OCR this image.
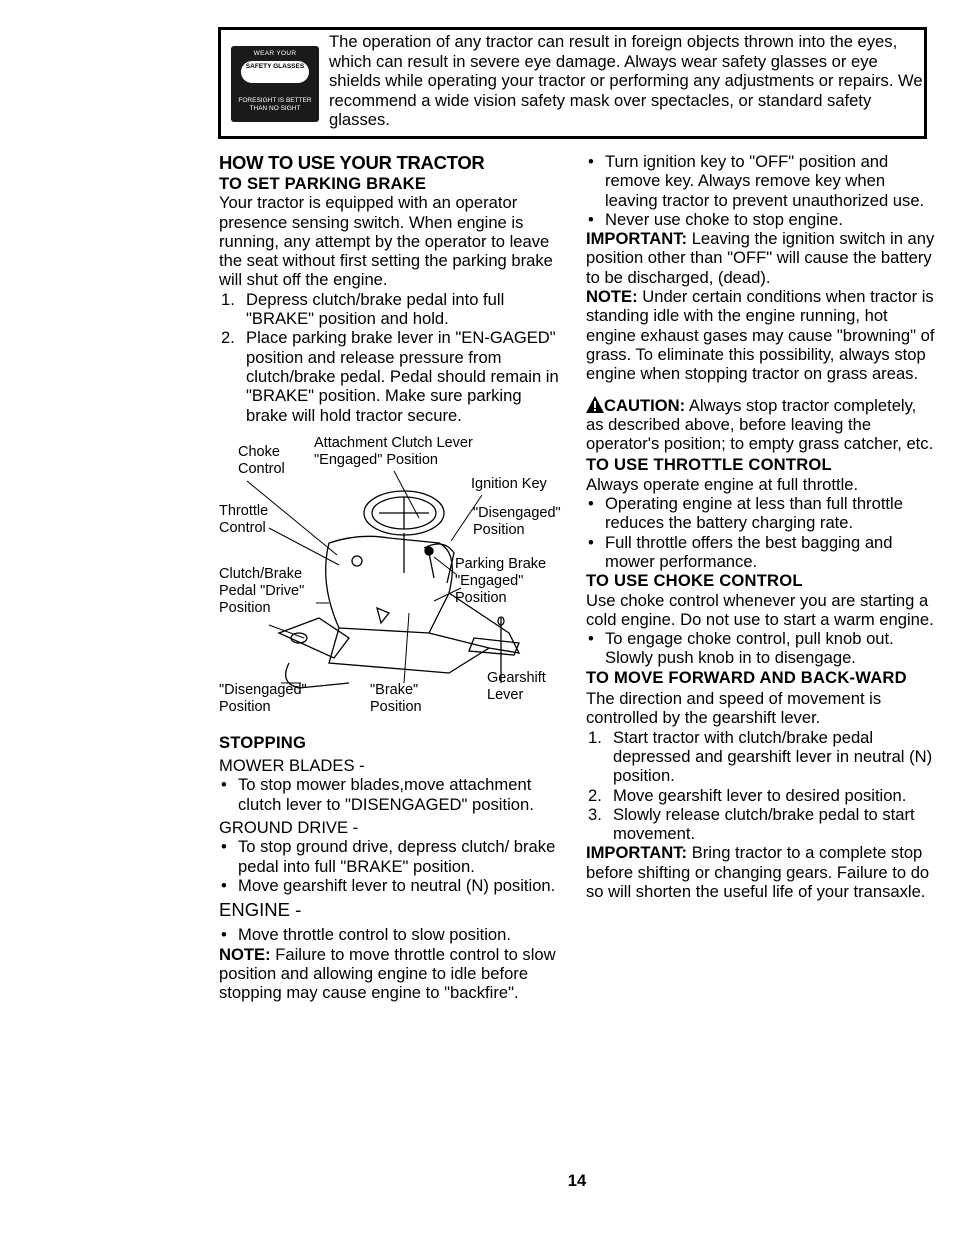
WEAR YOUR
SAFETY GLASSES
FORESIGHT IS BETTER THAN NO SIGHT
The operation of any tractor can result in foreign objects thrown into the eyes, which can result in severe eye damage. Always wear safety glasses or eye shields while operating your tractor or performing any adjustments or repairs. We recommend a wide vision safety mask over spectacles, or standard safety glasses.
HOW TO USE YOUR TRACTOR
TO SET PARKING BRAKE

Your tractor is equipped with an operator presence sensing switch. When engine is running, any attempt by the operator to leave the seat without first setting the parking brake will shut off the engine.

1. Depress clutch/brake pedal into full "BRAKE" position and hold.
2. Place parking brake lever in "EN-GAGED" position and release pressure from clutch/brake pedal. Pedal should remain in "BRAKE" position. Make sure parking brake will hold tractor secure.
Choke Control
Attachment Clutch Lever "Engaged" Position
Ignition Key
"Disengaged" Position
Throttle Control
Parking Brake "Engaged" Position
Clutch/Brake Pedal "Drive" Position
Gearshift Lever
"Disengaged" Position
"Brake" Position
STOPPING

MOWER BLADES -

• To stop mower blades,move attachment clutch lever to "DISENGAGED" position.

GROUND DRIVE -

• To stop ground drive, depress clutch/ brake pedal into full "BRAKE" position.
• Move gearshift lever to neutral (N) position.

ENGINE -

• Move throttle control to slow position.

NOTE: Failure to move throttle control to slow position and allowing engine to idle before stopping may cause engine to "backfire".

• Turn ignition key to "OFF" position and remove key. Always remove key when leaving tractor to prevent unauthorized use.
• Never use choke to stop engine.

IMPORTANT: Leaving the ignition switch in any position other than "OFF" will cause the battery to be discharged, (dead).

NOTE: Under certain conditions when tractor is standing idle with the engine running, hot engine exhaust gases may cause "browning" of grass. To eliminate this possibility, always stop engine when stopping tractor on grass areas.

CAUTION: Always stop tractor completely, as described above, before leaving the operator's position; to empty grass catcher, etc.

TO USE THROTTLE CONTROL

Always operate engine at full throttle.

• Operating engine at less than full throttle reduces the battery charging rate.
• Full throttle offers the best bagging and mower performance.
TO USE CHOKE CONTROL

Use choke control whenever you are starting a cold engine. Do not use to start a warm engine.

• To engage choke control, pull knob out. Slowly push knob in to disengage.
TO MOVE FORWARD AND BACK-WARD

The direction and speed of movement is controlled by the gearshift lever.

1. Start tractor with clutch/brake pedal depressed and gearshift lever in neutral (N) position.
2. Move gearshift lever to desired position.
3. Slowly release clutch/brake pedal to start movement.

IMPORTANT: Bring tractor to a complete stop before shifting or changing gears. Failure to do so will shorten the useful life of your transaxle.

14
